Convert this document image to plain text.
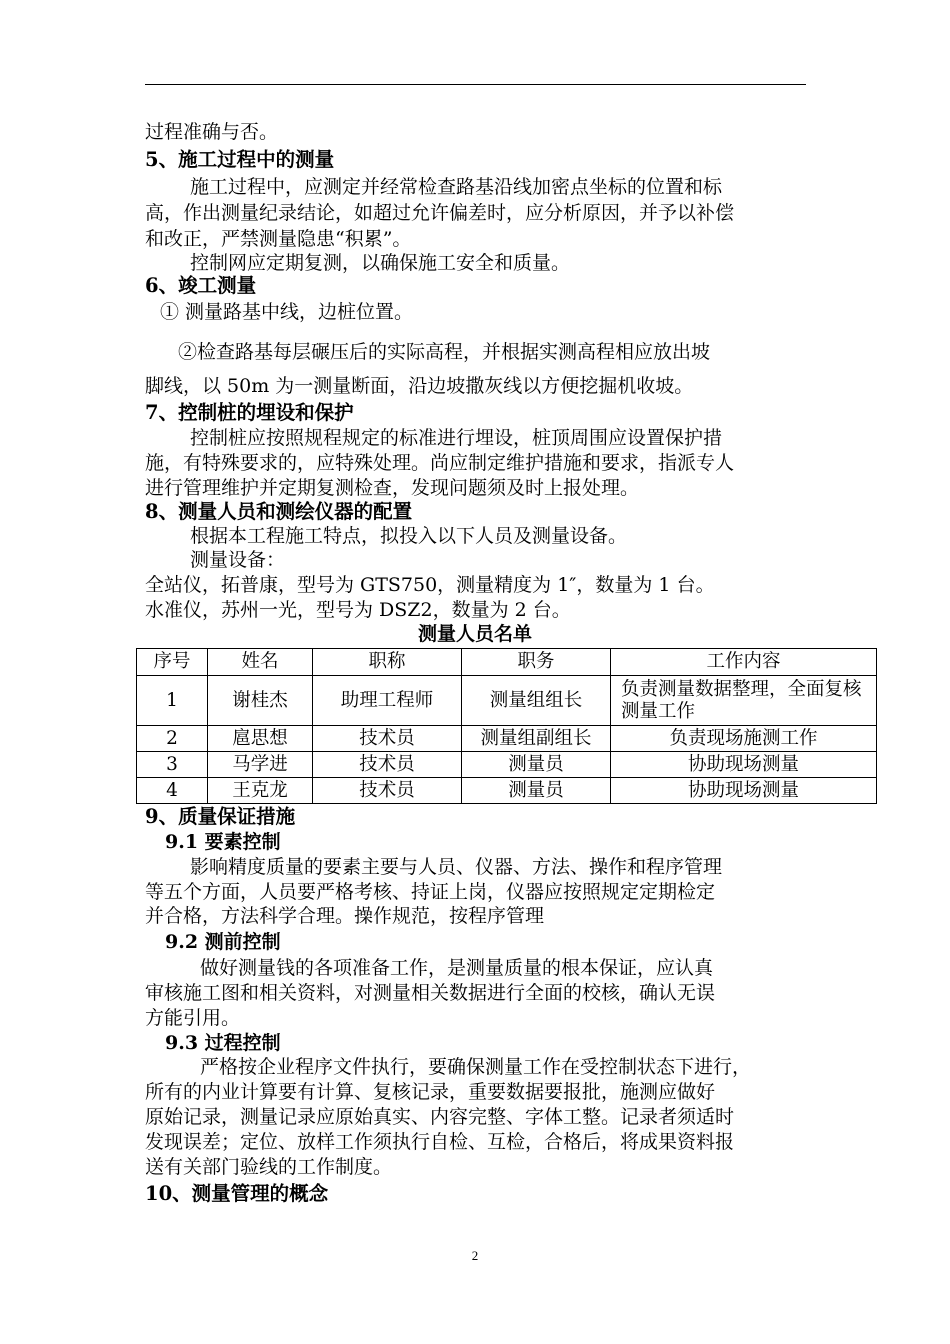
过程准确与否。
5、施工过程中的测量
施工过程中，应测定并经常检查路基沿线加密点坐标的位置和标
高，作出测量纪录结论，如超过允许偏差时，应分析原因，并予以补偿
和改正，严禁测量隐患“积累”。
控制网应定期复测，以确保施工安全和质量。
6、竣工测量
① 测量路基中线，边桩位置。
②检查路基每层碾压后的实际高程，并根据实测高程相应放出坡
脚线，以 50m 为一测量断面，沿边坡撒灰线以方便挖掘机收坡。
7、控制桩的埋设和保护
控制桩应按照规程规定的标准进行埋设，桩顶周围应设置保护措
施，有特殊要求的，应特殊处理。尚应制定维护措施和要求，指派专人
进行管理维护并定期复测检查，发现问题须及时上报处理。
8、测量人员和测绘仪器的配置
根据本工程施工特点，拟投入以下人员及测量设备。
测量设备：
全站仪，拓普康，型号为 GTS750，测量精度为 1″，数量为 1 台。
水准仪，苏州一光，型号为 DSZ2，数量为 2 台。
测量人员名单
序号	姓名	职称	职务	工作内容
1	谢桂杰	助理工程师	测量组组长	负责测量数据整理，全面复核测量工作
2	扈思想	技术员	测量组副组长	负责现场施测工作
3	马学进	技术员	测量员	协助现场测量
4	王克龙	技术员	测量员	协助现场测量
9、质量保证措施
9.1 要素控制
影响精度质量的要素主要与人员、仪器、方法、操作和程序管理
等五个方面，人员要严格考核、持证上岗，仪器应按照规定定期检定
并合格，方法科学合理。操作规范，按程序管理
9.2 测前控制
做好测量钱的各项准备工作，是测量质量的根本保证，应认真
审核施工图和相关资料，对测量相关数据进行全面的校核，确认无误
方能引用。
9.3 过程控制
严格按企业程序文件执行，要确保测量工作在受控制状态下进行，
所有的内业计算要有计算、复核记录，重要数据要报批，施测应做好
原始记录，测量记录应原始真实、内容完整、字体工整。记录者须适时
发现误差；定位、放样工作须执行自检、互检，合格后，将成果资料报
送有关部门验线的工作制度。
10、测量管理的概念
2
